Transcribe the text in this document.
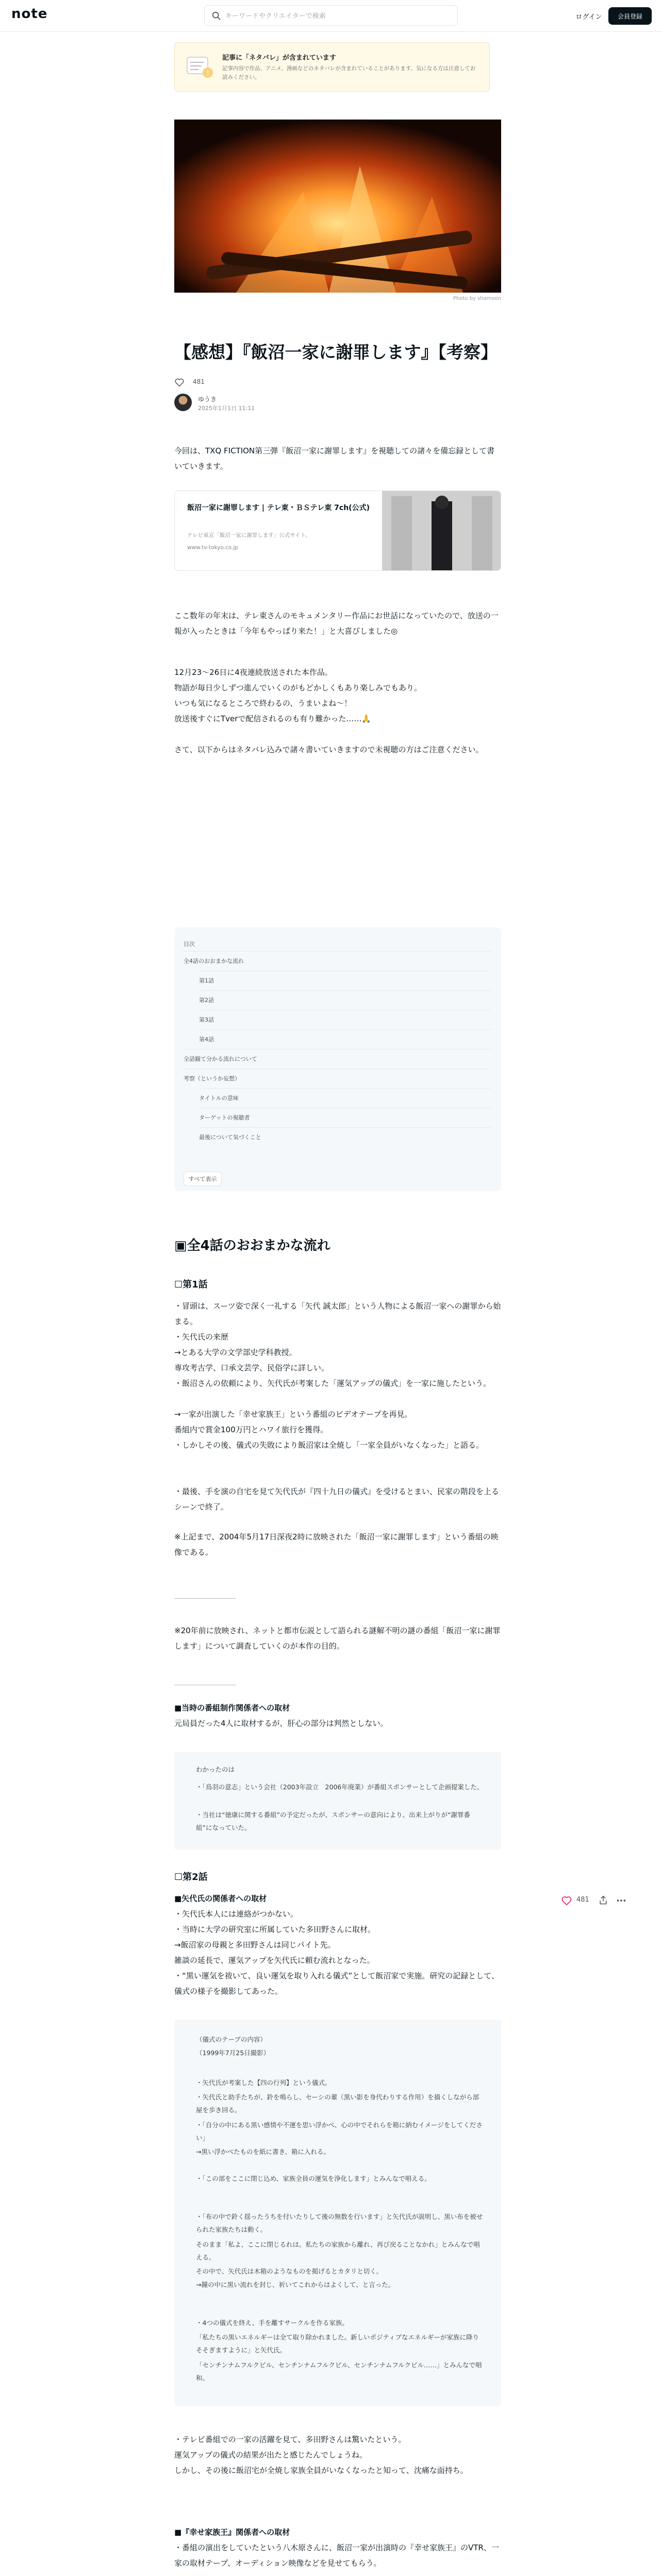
note
キーワードやクリエイターで検索	ログイン	会員登録
!
記事に「ネタバレ」が含まれています
記事内容で作品、アニメ、漫画などのネタバレが含まれていることがあります。気になる方は注意してお読みください。
Photo by shamoon
【感想】『飯沼一家に謝罪します』【考察】
481
ゆうき
2025年1月1日 11:11

今回は、TXQ FICTION第三弾『飯沼一家に謝罪します』を視聴しての諸々を備忘録として書いていきます。

飯沼一家に謝罪します | テレ東・ＢＳテレ東 7ch(公式)
テレビ東京「飯沼一家に謝罪します」公式サイト。
www.tv-tokyo.co.jp

ここ数年の年末は、テレ東さんのモキュメンタリー作品にお世話になっていたので、放送の一報が入ったときは「今年もやっぱり来た！」と大喜びしました◎

12月23〜26日に4夜連続放送された本作品。

物語が毎日少しずつ進んでいくのがもどかしくもあり楽しみでもあり。

いつも気になるところで終わるの、うまいよね〜！

放送後すぐにTverで配信されるのも有り難かった……🙏

さて、以下からはネタバレ込みで諸々書いていきますので未視聴の方はご注意ください。

目次
全4話のおおまかな流れ
第1話
第2話
第3話
第4話
全話観て分かる流れについて
考察（というか妄想）
タイトルの意味
ターゲットの視聴者
最後について気づくこと
すべて表示
▣全4話のおおまかな流れ
☐第1話

・冒頭は、スーツ姿で深く一礼する「矢代 誠太郎」という人物による飯沼一家への謝罪から始まる。

・矢代氏の来歴

→とある大学の文学部史学科教授。

専攻考古学、口承文芸学、民俗学に詳しい。

・飯沼さんの依頼により、矢代氏が考案した「運気アップの儀式」を一家に施したという。

→一家が出演した「幸せ家族王」という番組のビデオテープを再見。

番組内で賞金100万円とハワイ旅行を獲得。

・しかしその後、儀式の失敗により飯沼家は全焼し「一家全員がいなくなった」と語る。

・最後、手を演の自宅を見て矢代氏が『四十九日の儀式』を受けるとまい、民家の階段を上るシーンで終了。

※上記まで、2004年5月17日深夜2時に放映された「飯沼一家に謝罪します」という番組の映像である。

※20年前に放映され、ネットと都市伝説として語られる謎解不明の謎の番組「飯沼一家に謝罪します」について調査していくのが本作の目的。

■当時の番組制作関係者への取材

元局員だった4人に取材するが、肝心の部分は判然としない。

わかったのは
・「鳥羽の意志」という会社（2003年設立　2006年廃業）が番組スポンサーとして企画提案した。
・当社は“徳康に関する番組”の予定だったが、スポンサーの意向により、出来上がりが“謝罪番組”になっていた。
☐第2話

■矢代氏の関係者への取材

・矢代氏本人には連絡がつかない。

・当時に大学の研究室に所属していた多田野さんに取材。

→飯沼家の母親と多田野さんは同じパイト先。

雑談の延長で、運気アップを矢代氏に頼む流れとなった。

・“黒い運気を祓いて、良い運気を取り入れる儀式”として飯沼家で実施。研究の記録として、儀式の様子を撮影してあった。

（儀式のテープの内容）
（1999年7月25日撮影）
・矢代氏が考案した【四の行列】という儀式。
・矢代氏と助手たちが、鈴を鳴らし、セーシの輩（黒い影を身代わりする作用）を描くしながら部屋を歩き回る。
・「自分の中にある黒い感情や不運を思い浮かべ、心の中でそれらを箱に納むイメージをしてください」
→黒い浮かべたものを紙に書き、箱に入れる。
・「この部をここに閉じ込め、家族全員の運気を浄化します」とみんなで唱える。
・「布の中で鈴く揺ったうちを付いたりして後の無数を行います」と矢代氏が説明し、黒い布を被せられた家族たちは動く。
そのまま「私よ、ここに閉じるれは。私たちの家族から離れ、再び戻ることなかれ」とみんなで唱える。
その中で、矢代氏は木箱のようなものを掲げるとカタリと切く。
→鐘の中に黒い流れを封じ、祈いてこれからはよくして、と言った。
・4つの儀式を終え、手を離すサークルを作る家族。
「私たちの黒いエネルギーは全て取り除かれました。新しいポジティブなエネルギーが家族に降りそそぎますように」と矢代氏。
「センチンナムフルクビル、センチンナムフルクビル、センチンナムフルクビル……」とみんなで唱和。

・テレビ番組での一家の活躍を見て、多田野さんは驚いたという。

運気アップの儀式の結果が出たと感じたんでしょうね。

しかし、その後に飯沼宅が全焼し家族全員がいなくなったと知って、沈痛な面持ち。

■『幸せ家族王』関係者への取材

・番組の演出をしていたという八木原さんに、飯沼一家が出演時の『幸せ家族王』のVTR、一家の取材テープ、オーディション映像などを見せてもらう。

481
